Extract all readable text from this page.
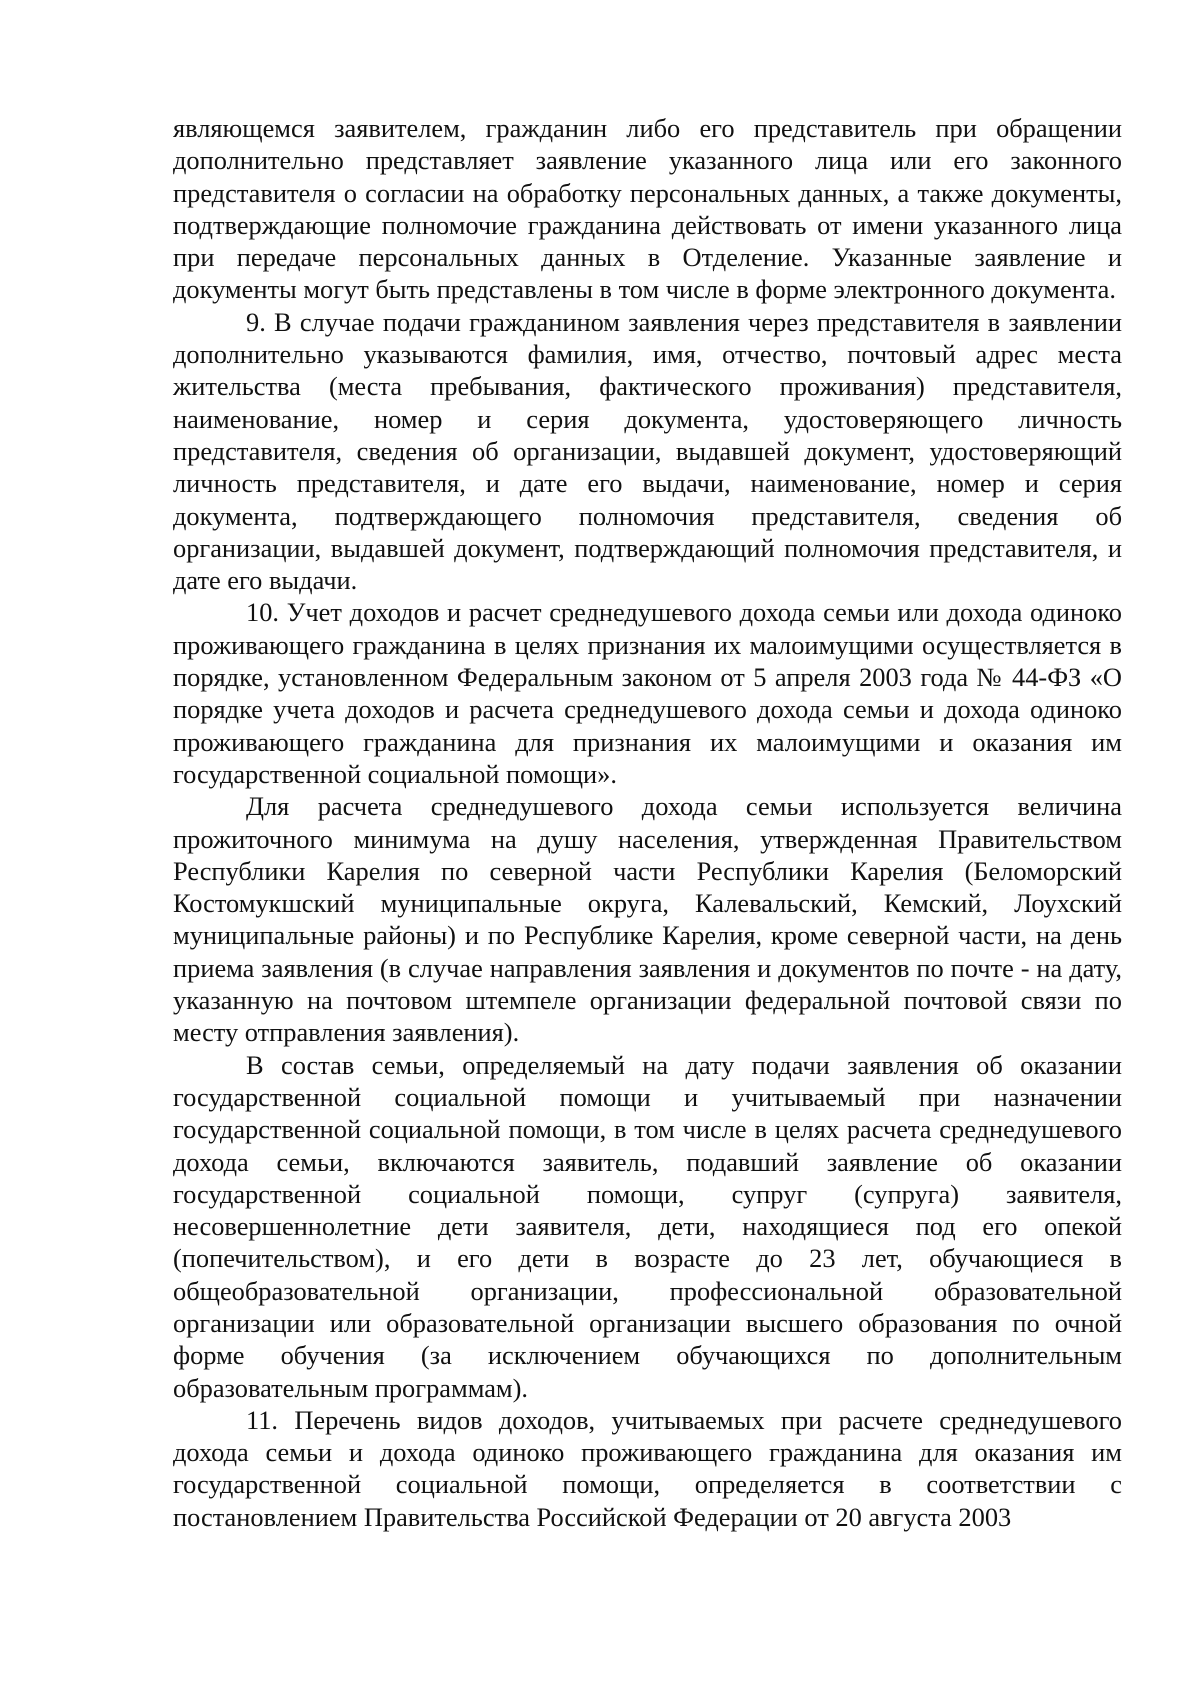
являющемся заявителем, гражданин либо его представитель при обращении дополнительно представляет заявление указанного лица или его законного представителя о согласии на обработку персональных данных, а также документы, подтверждающие полномочие гражданина действовать от имени указанного лица при передаче персональных данных в Отделение. Указанные заявление и документы могут быть представлены в том числе в форме электронного документа.

9. В случае подачи гражданином заявления через представителя в заявлении дополнительно указываются фамилия, имя, отчество, почтовый адрес места жительства (места пребывания, фактического проживания) представителя, наименование, номер и серия документа, удостоверяющего личность представителя, сведения об организации, выдавшей документ, удостоверяющий личность представителя, и дате его выдачи, наименование, номер и серия документа, подтверждающего полномочия представителя, сведения об организации, выдавшей документ, подтверждающий полномочия представителя, и дате его выдачи.

10. Учет доходов и расчет среднедушевого дохода семьи или дохода одиноко проживающего гражданина в целях признания их малоимущими осуществляется в порядке, установленном Федеральным законом от 5 апреля 2003 года № 44-ФЗ «О порядке учета доходов и расчета среднедушевого дохода семьи и дохода одиноко проживающего гражданина для признания их малоимущими и оказания им государственной социальной помощи».

Для расчета среднедушевого дохода семьи используется величина прожиточного минимума на душу населения, утвержденная Правительством Республики Карелия по северной части Республики Карелия (Беломорский Костомукшский муниципальные округа, Калевальский, Кемский, Лоухский муниципальные районы) и по Республике Карелия, кроме северной части, на день приема заявления (в случае направления заявления и документов по почте - на дату, указанную на почтовом штемпеле организации федеральной почтовой связи по месту отправления заявления).

В состав семьи, определяемый на дату подачи заявления об оказании государственной социальной помощи и учитываемый при назначении государственной социальной помощи, в том числе в целях расчета среднедушевого дохода семьи, включаются заявитель, подавший заявление об оказании государственной социальной помощи, супруг (супруга) заявителя, несовершеннолетние дети заявителя, дети, находящиеся под его опекой (попечительством), и его дети в возрасте до 23 лет, обучающиеся в общеобразовательной организации, профессиональной образовательной организации или образовательной организации высшего образования по очной форме обучения (за исключением обучающихся по дополнительным образовательным программам).

11. Перечень видов доходов, учитываемых при расчете среднедушевого дохода семьи и дохода одиноко проживающего гражданина для оказания им государственной социальной помощи, определяется в соответствии с постановлением Правительства Российской Федерации от 20 августа 2003
